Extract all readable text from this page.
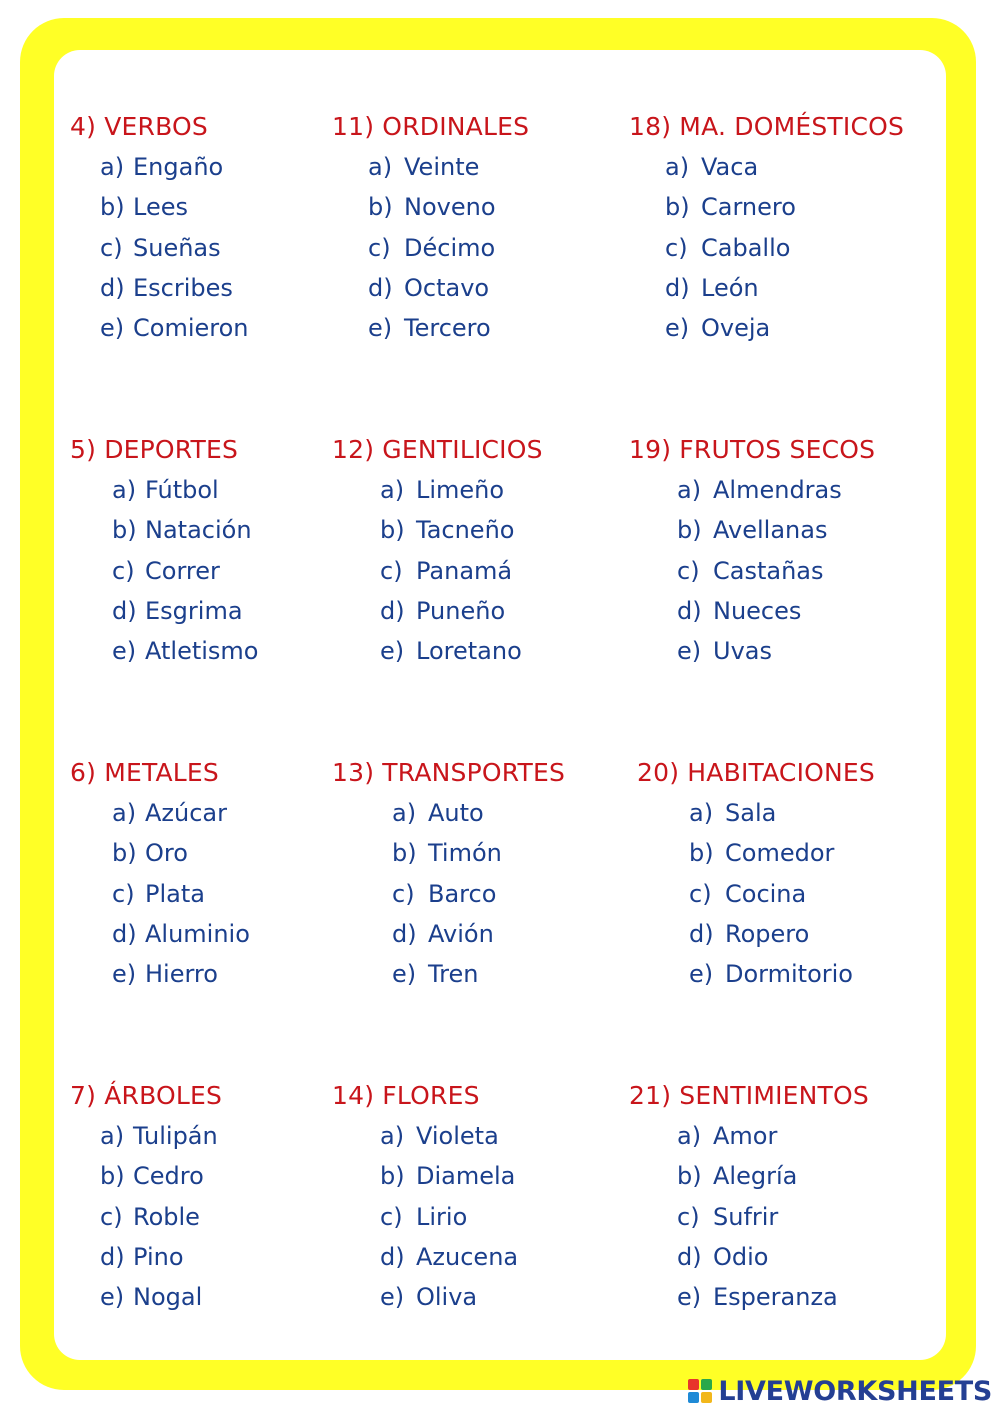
4) VERBOS
a) Engaño
b) Lees
c) Sueñas
d) Escribes
e) Comieron
11) ORDINALES
a) Veinte
b) Noveno
c) Décimo
d) Octavo
e) Tercero
18) MA. DOMÉSTICOS
a) Vaca
b) Carnero
c) Caballo
d) León
e) Oveja
5) DEPORTES
a) Fútbol
b) Natación
c) Correr
d) Esgrima
e) Atletismo
12) GENTILICIOS
a) Limeño
b) Tacneño
c) Panamá
d) Puneño
e) Loretano
19) FRUTOS SECOS
a) Almendras
b) Avellanas
c) Castañas
d) Nueces
e) Uvas
6) METALES
a) Azúcar
b) Oro
c) Plata
d) Aluminio
e) Hierro
13) TRANSPORTES
a) Auto
b) Timón
c) Barco
d) Avión
e) Tren
20) HABITACIONES
a) Sala
b) Comedor
c) Cocina
d) Ropero
e) Dormitorio
7) ÁRBOLES
a) Tulipán
b) Cedro
c) Roble
d) Pino
e) Nogal
14) FLORES
a) Violeta
b) Diamela
c) Lirio
d) Azucena
e) Oliva
21) SENTIMIENTOS
a) Amor
b) Alegría
c) Sufrir
d) Odio
e) Esperanza
LIVEWORKSHEETS
